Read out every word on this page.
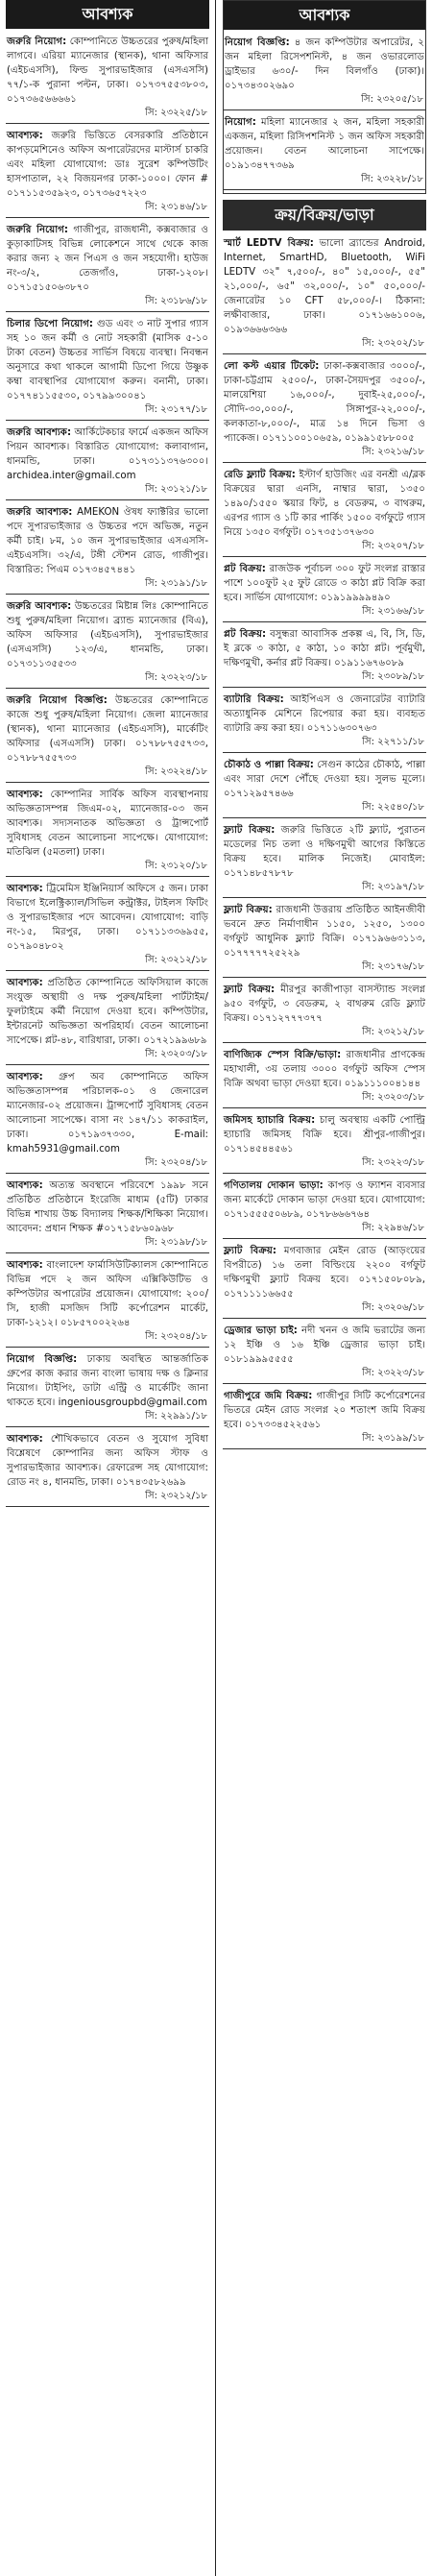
আবশ্যক
জরুরি নিয়োগ: কোম্পানিতে উচ্চতরের পুরুষ/মহিলা লাগবে। এরিয়া ম্যানেজার (স্থানক), থানা অফিসার (এইচএসসি), ফিল্ড সুপারভাইজার (এসএসসি) ৭৭/১-ক পুরানা পল্টন, ঢাকা। ০১৭৩৭৫৫৩৮০৩, ০১৭৩৬৫৬৬৬৬১
সি: ২৩২২৫/১৮
আবশ্যক: জরুরি ভিত্তিতে বেসরকারি প্রতিষ্ঠানে কাপড়মেশিনেও অফিস অপারেটরদের মাস্টার্স চাকরি এবং মহিলা যোগাযোগ: ডাঃ সুরেশ কম্পিউটিং হাসপাতাল, ২২ বিজয়নগর ঢাকা-১০০০। ফোন # ০১৭১১৫৩৫৯২৩, ০১৭৩৬৫৭২২৩
সি: ২৩১৪৬/১৮
জরুরি নিয়োগ: গাজীপুর, রাজধানী, কক্সবাজার ও কুড়াকাটিসহ বিভিন্ন লোকেশনে সাথে থেকে কাজ করার জন্য ২ জন পিএস ও জন সহযোগী। হাউজ নং-৩/২, তেজগাঁও, ঢাকা-১২০৮। ০১৭১৫১৫০৬৩৮৭০
সি: ২৩১৮৬/১৮
চিলার ডিপো নিয়োগ: গুড এবং ৩ নাট সুপার গ্যাস সহ ১০ জন কর্মী ও নোট সহকারী (মাসিক ৫-১০ টাকা বেতন) উচ্চতর সার্ভিস বিষয়ে ব্যবস্থা। নিবন্ধন অনুসারে কথা থাকলে আগামী ডিপো গিয়ে উষ্ণুক কম্বা বাবস্থাপির যোগাযোগ করুন। বনানী, ঢাকা। ০১৭৭৪১১৫৫৩০, ০১৭৯৯৩০০৪১
সি: ২৩১৭৭/১৮
জরুরি আবশ্যক: আর্কিটেকচার ফার্মে একজন অফিস পিয়ন আবশ্যক। বিস্তারিত যোগাযোগ: কলাবাগান, ধানমন্ডি, ঢাকা। ০১৭৩১১৩৭৬৩০০। archidea.inter@gmail.com
সি: ২৩১২১/১৮
জরুরি আবশ্যক: AMEKON ঔষধ ফ্যাক্টরির ভালো পদে সুপারভাইজার ও উচ্চতর পদে অভিজ্ঞ, নতুন কর্মী চাই। ৮ম, ১০ জন সুপারভাইজার এসএসসি-এইচএসসি। ৩২/এ, টঙ্গী স্টেশন রোড, গাজীপুর। বিস্তারিত: পিএম ০১৭৩৪৫৭৪৪১
সি: ২৩১৯১/১৮
জরুরি আবশ্যক: উচ্চতরের মিষ্টান্ন লিঃ কোম্পানিতে শুধু পুরুষ/মহিলা নিয়োগ। ব্র্যান্ড ম্যানেজার (বিএ), অফিস অফিসার (এইচএসসি), সুপারভাইজার (এসএসসি) ১২৩/এ, ধানমন্ডি, ঢাকা। ০১৭৩১১৩৫৫৩৩
সি: ২৩২২৩/১৮
জরুরি নিয়োগ বিজ্ঞপ্তি: উচ্চতরের কোম্পানিতে কাজে শুধু পুরুষ/মহিলা নিয়োগ। জেলা ম্যানেজার (স্থানক), থানা ম্যানেজার (এইচএসসি), মার্কেটিং অফিসার (এসএসসি) ঢাকা। ০১৭৮৮৭৫৫৭৩৩, ০১৭৮৮৭৫৫৭৩৩
সি: ২৩২২৪/১৮
আবশ্যক: কোম্পানির সার্বিক অফিস ব্যবস্থাপনায় অভিজ্ঞতাসম্পন্ন জিএম-০২, ম্যানেজার-০৩ জন আবশ্যক। সদ্যসনাতক অভিজ্ঞতা ও ট্রান্সপোর্ট সুবিধাসহ বেতন আলোচনা সাপেক্ষে। যোগাযোগ: মতিঝিল (৫মতলা) ঢাকা।
সি: ২৩১২০/১৮
আবশ্যক: ট্রিমেমিস ইঞ্জিনিয়ার্স অফিসে ৫ জন। ঢাকা বিভাগে ইলেক্ট্রিক্যাল/সিভিল কন্ট্রাক্টর, টাইলস ফিটিং ও সুপারভাইজার পদে আবেদন। যোগাযোগ: বাড়ি নং-১৫, মিরপুর, ঢাকা। ০১৭১১৩৩৬৯৫৫, ০১৭৯০৪৮০২
সি: ২৩২১২/১৮
আবশ্যক: প্রতিষ্ঠিত কোম্পানিতে অফিসিয়াল কাজে সংযুক্ত অস্থায়ী ও দক্ষ পুরুষ/মহিলা পার্টটাইম/ফুলটাইমে কর্মী নিয়োগ দেওয়া হবে। কম্পিউটার, ইন্টারনেট অভিজ্ঞতা অপরিহার্য। বেতন আলোচনা সাপেক্ষে। প্লট-৪৮, বারিধারা, ঢাকা। ০১৭২১৯৯৬৮৯
সি: ২৩২০৩/১৮
আবশ্যক: গ্রুপ অব কোম্পানিতে অফিস অভিজ্ঞতাসম্পন্ন পরিচালক-০১ ও জেনারেল ম্যানেজার-০২ প্রয়োজন। ট্রান্সপোর্ট সুবিধাসহ বেতন আলোচনা সাপেক্ষে। বাসা নং ১৪৭/১১ কাকরাইল, ঢাকা। ০১৭১৯৩৭৩৩০, E-mail: kmah5931@gmail.com
সি: ২৩২০৪/১৮
আবশ্যক: অত্যন্ত অবস্থানে পরিবেশে ১৯৯৮ সনে প্রতিষ্ঠিত প্রতিষ্ঠানে ইংরেজি মাধ্যম (৫টি) ঢাকার বিভিন্ন শাখায় উচ্চ বিদ্যালয় শিক্ষক/শিক্ষিকা নিয়োগ। আবেদন: প্রধান শিক্ষক #০১৭১৫৮৬০৯৬৮
সি: ২৩১৯৮/১৮
আবশ্যক: বাংলাদেশ ফার্মাসিউটিক্যালস কোম্পানিতে বিভিন্ন পদে ২ জন অফিস এক্সিকিউটিভ ও কম্পিউটার অপারেটর প্রয়োজন। যোগাযোগ: ২০০/সি, হাজী মসজিদ সিটি কর্পোরেশন মার্কেট, ঢাকা-১২১২। ০১৮৫৭০০২২৬৪
সি: ২৩২০৪/১৮
নিয়োগ বিজ্ঞপ্তি: ঢাকায় অবস্থিত আন্তর্জাতিক গ্রুপের কাজ করার জন্য বাংলা ভাষায় দক্ষ ও ক্লিনার নিয়োগ। টাইপিং, ডাটা এন্ট্রি ও মার্কেটিং জানা থাকতে হবে। ingeniousgroupbd@gmail.com
সি: ২২৯৯১/১৮
আবশ্যক: শৌখিকভাবে বেতন ও সুযোগ সুবিধা বিশ্লেষণে কোম্পানির জন্য অফিস স্টাফ ও সুপারভাইজার আবশ্যক। রেফারেন্স সহ যোগাযোগ: রোড নং ৪, ধানমন্ডি, ঢাকা। ০১৭৪৩৫৮২৬৯৯
সি: ২৩২১২/১৮
আবশ্যক
নিয়োগ বিজ্ঞপ্তি: ৪ জন কম্পিউটার অপারেটর, ২ জন মহিলা রিসেপশনিস্ট, ৪ জন ওভারলোড ড্রাইভার ৬৩০/- দিন বিলগাঁও (ঢাকা)। ০১৭৩৪৩০২৬৯০
সি: ২৩২০৫/১৮
নিয়োগ: মহিলা ম্যানেজার ২ জন, মহিলা সহকারী একজন, মহিলা রিসিপশনিস্ট ১ জন অফিস সহকারী প্রয়োজন। বেতন আলোচনা সাপেক্ষে। ০১৯১৩৪৭৭৩৬৯
সি: ২৩২২৮/১৮
ক্রয়/বিক্রয়/ভাড়া
স্মার্ট LEDTV বিক্রয়: ভালো ব্র্যান্ডের Android, Internet, SmartHD, Bluetooth, WiFi LEDTV ৩২" ৭,৫০০/-, ৪০" ১৫,০০০/-, ৫৫" ২১,০০০/-, ৬৫" ৩২,০০০/-, ১০" ৫০,০০০/- জেনারেটর ১০ CFT ৫৮,০০০/-। ঠিকানা: লক্ষীবাজার, ঢাকা। ০১৭১৬৬১০০৬, ০১৯৩৬৬৬৩৬৬
সি: ২৩২০২/১৮
লো কস্ট এয়ার টিকেট: ঢাকা-কক্সবাজার ৩০০০/-, ঢাকা-চট্টগ্রাম ২৫০০/-, ঢাকা-সৈয়দপুর ৩৫০০/-, মালয়েশিয়া ১৬,০০০/-, দুবাই-২৫,০০০/-, সৌদি-৩০,০০০/-, সিঙ্গাপুর-২২,০০০/-, কলকাতা-৮,০০০/-, মাত্র ১৪ দিনে ভিসা ও প্যাকেজ। ০১৭১১০০১০৬৫৯, ০১৯৯১৫৮৮০০৫
সি: ২৩২১৬/১৮
রেডি ফ্ল্যাট বিক্রয়: ইস্টার্ণ হাউজিং এর বনশ্রী এ/ব্লক বিক্রয়ের দ্বারা এনসি, নাম্বার দ্বারা, ১৩৫০ ১৪৯০/১৫৫০ স্কয়ার ফিট, ৪ বেডরুম, ৩ বাথরুম, এরপর গ্যাস ও ১টি কার পার্কিং ১৫০০ বর্গফুটে গ্যাস নিয়ে ১৩৫০ বর্গফুট। ০১৭৩৫১৩৭৬৩০
সি: ২৩২০৭/১৮
প্লট বিক্রয়: রাজউক পূর্বাচল ৩০০ ফুট সংলগ্ন রাস্তার পাশে ১০০ফুট ২৫ ফুট রোডে ৩ কাঠা প্লট বিক্রি করা হবে। সার্ভিস যোগাযোগ: ০১৯১৯৯৯৯৪৯০
সি: ২৩১৬৬/১৮
প্লট বিক্রয়: বসুন্ধরা আবাসিক প্রকল্প এ, বি, সি, ডি, ই ব্লকে ৩ কাঠা, ৫ কাঠা, ১০ কাঠা প্লট। পূর্বমুখী, দক্ষিণমুখী, কর্নার প্লট বিক্রয়। ০১৯১১৬৭৬০৮৯
সি: ২৩০৮৯/১৮
ব্যাটারি বিক্রয়: আইপিএস ও জেনারেটর ব্যাটারি অত্যাধুনিক মেশিনে রিপেয়ার করা হয়। ব্যবহৃত ব্যাটারি ক্রয় করা হয়। ০১৭১১৬৩০৭৬৩
সি: ২২৭১১/১৮
চৌকাঠ ও পাল্লা বিক্রয়: সেগুন কাঠের চৌকাঠ, পাল্লা এবং সারা দেশে পৌঁছে দেওয়া হয়। সুলভ মূল্যে। ০১৭১২৯৫৭৪৬৬
সি: ২২৫৪০/১৮
ফ্ল্যাট বিক্রয়: জরুরি ভিত্তিতে ২টি ফ্ল্যাট, পুরাতন মডেলের নিচ তলা ও দক্ষিণমুখী আগের কিস্তিতে বিক্রয় হবে। মালিক নিজেই। মোবাইল: ০১৭১৪৮৫৭৮৭৮
সি: ২৩১৯৭/১৮
ফ্ল্যাট বিক্রয়: রাজধানী উত্তরায় প্রতিষ্ঠিত আইনজীবী ভবনে দ্রুত নির্মাণাধীন ১১৫০, ১২৫০, ১৩০০ বর্গফুট আধুনিক ফ্ল্যাট বিক্রি। ০১৭১৯৬৬৩১১৩, ০১৭৭৭৭৭২৫২২৯
সি: ২৩১৭৬/১৮
ফ্ল্যাট বিক্রয়: মীরপুর কাজীপাড়া বাসস্ট্যান্ড সংলগ্ন ৯৫০ বর্গফুট, ৩ বেডরুম, ২ বাথরুম রেডি ফ্ল্যাট বিক্রয়। ০১৭১২৭৭৭৩৭৭
সি: ২৩২১২/১৮
বাণিজ্যিক স্পেস বিক্রি/ভাড়া: রাজধানীর প্রাণকেন্দ্র মহাখালী, ৩য় তলায় ৩০০০ বর্গফুট অফিস স্পেস বিক্রি অথবা ভাড়া দেওয়া হবে। ০১৯১১১০০৪১৪৪
সি: ২৩২০৩/১৮
জমিসহ হ্যাচারি বিক্রয়: চালু অবস্থায় একটি পোল্ট্রি হ্যাচারি জমিসহ বিক্রি হবে। শ্রীপুর-গাজীপুর। ০১৭১৪৫৪৪৫৬১
সি: ২৩২২৩/১৮
গণিতালয় দোকান ভাড়া: কাপড় ও ফ্যাশন ব্যবসার জন্য মার্কেটে দোকান ভাড়া দেওয়া হবে। যোগাযোগ: ০১৭১৫৫৫৫০৬৮৯, ০১৭৮৬৬৬৭৬৪
সি: ২২৯৪৬/১৮
ফ্ল্যাট বিক্রয়: মগবাজার মেইন রোড (আড়ংয়ের বিপরীতে) ১৬ তলা বিল্ডিংয়ে ২২০০ বর্গফুট দক্ষিণমুখী ফ্ল্যাট বিক্রয় হবে। ০১৭১৫০৮০৮৯, ০১৭১১১১৬৬৫৫
সি: ২৩২০৬/১৮
ড্রেজার ভাড়া চাই: নদী খনন ও জমি ভরাটের জন্য ১২ ইঞ্চি ও ১৬ ইঞ্চি ড্রেজার ভাড়া চাই। ০১৮১৯৯৯৫৫৫৫
সি: ২৩২২৩/১৮
গাজীপুরে জমি বিক্রয়: গাজীপুর সিটি কর্পোরেশনের ভিতরে মেইন রোড সংলগ্ন ২০ শতাংশ জমি বিক্রয় হবে। ০১৭৩৩৪৫২২৫৬১
সি: ২৩১৯৯/১৮
